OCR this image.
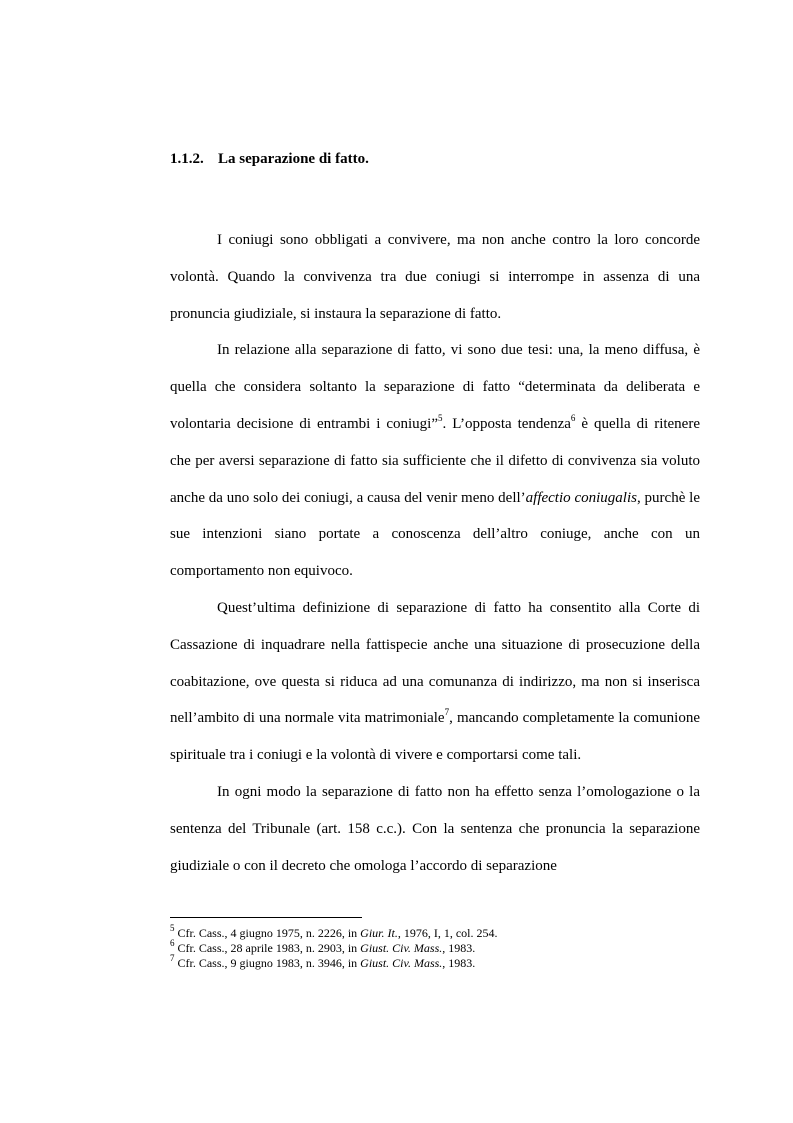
1.1.2. La separazione di fatto.

I coniugi sono obbligati a convivere, ma non anche contro la loro concorde volontà. Quando la convivenza tra due coniugi si interrompe in assenza di una pronuncia giudiziale, si instaura la separazione di fatto.

In relazione alla separazione di fatto, vi sono due tesi: una, la meno diffusa, è quella che considera soltanto la separazione di fatto “determinata da deliberata e volontaria decisione di entrambi i coniugi”$^5$. L’opposta tendenza$^6$ è quella di ritenere che per aversi separazione di fatto sia sufficiente che il difetto di convivenza sia voluto anche da uno solo dei coniugi, a causa del venir meno dell’affectio coniugalis, purchè le sue intenzioni siano portate a conoscenza dell’altro coniuge, anche con un comportamento non equivoco.

Quest’ultima definizione di separazione di fatto ha consentito alla Corte di Cassazione di inquadrare nella fattispecie anche una situazione di prosecuzione della coabitazione, ove questa si riduca ad una comunanza di indirizzo, ma non si inserisca nell’ambito di una normale vita matrimoniale$^7$, mancando completamente la comunione spirituale tra i coniugi e la volontà di vivere e comportarsi come tali.

In ogni modo la separazione di fatto non ha effetto senza l’omologazione o la sentenza del Tribunale (art. 158 c.c.). Con la sentenza che pronuncia la separazione giudiziale o con il decreto che omologa l’accordo di separazione

$^5$ Cfr. Cass., 4 giugno 1975, n. 2226, in Giur. It., 1976, I, 1, col. 254.
$^6$ Cfr. Cass., 28 aprile 1983, n. 2903, in Giust. Civ. Mass., 1983.
$^7$ Cfr. Cass., 9 giugno 1983, n. 3946, in Giust. Civ. Mass., 1983.
